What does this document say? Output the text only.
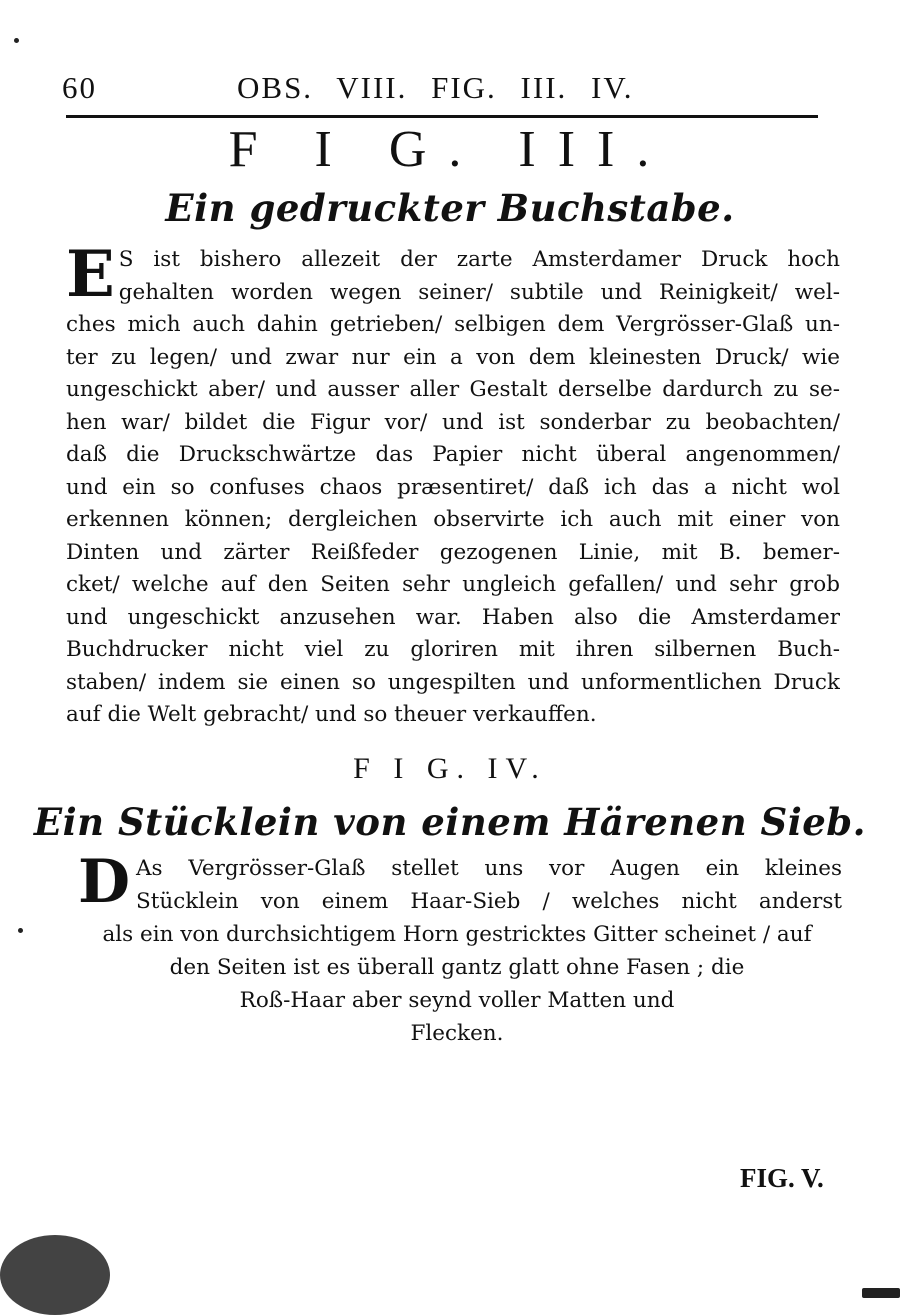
60	OBS. VIII. FIG. III. IV.
F I G. III.
Ein gedruckter Buchstabe.
E S ist bishero allezeit der zarte Amsterdamer Druck hoch
gehalten worden wegen seiner/ subtile und Reinigkeit/ wel-
ches mich auch dahin getrieben/ selbigen dem Vergrösser-Glaß un-
ter zu legen/ und zwar nur ein a von dem kleinesten Druck/ wie
ungeschickt aber/ und ausser aller Gestalt derselbe dardurch zu se-
hen war/ bildet die Figur vor/ und ist sonderbar zu beobachten/
daß die Druckschwärtze das Papier nicht überal angenommen/
und ein so confuses chaos præsentiret/ daß ich das a nicht wol
erkennen können; dergleichen observirte ich auch mit einer von
Dinten und zärter Reißfeder gezogenen Linie, mit B. bemer-
cket/ welche auf den Seiten sehr ungleich gefallen/ und sehr grob
und ungeschickt anzusehen war. Haben also die Amsterdamer
Buchdrucker nicht viel zu gloriren mit ihren silbernen Buch-
staben/ indem sie einen so ungespilten und unformentlichen Druck
auf die Welt gebracht/ und so theuer verkauffen.
F I G. IV.
Ein Stücklein von einem Härenen Sieb.
D As Vergrösser-Glaß stellet uns vor Augen ein kleines
Stücklein von einem Haar-Sieb / welches nicht anderst
als ein von durchsichtigem Horn gestricktes Gitter scheinet / auf
den Seiten ist es überall gantz glatt ohne Fasen ; die
Roß-Haar aber seynd voller Matten und
Flecken.
FIG. V.
